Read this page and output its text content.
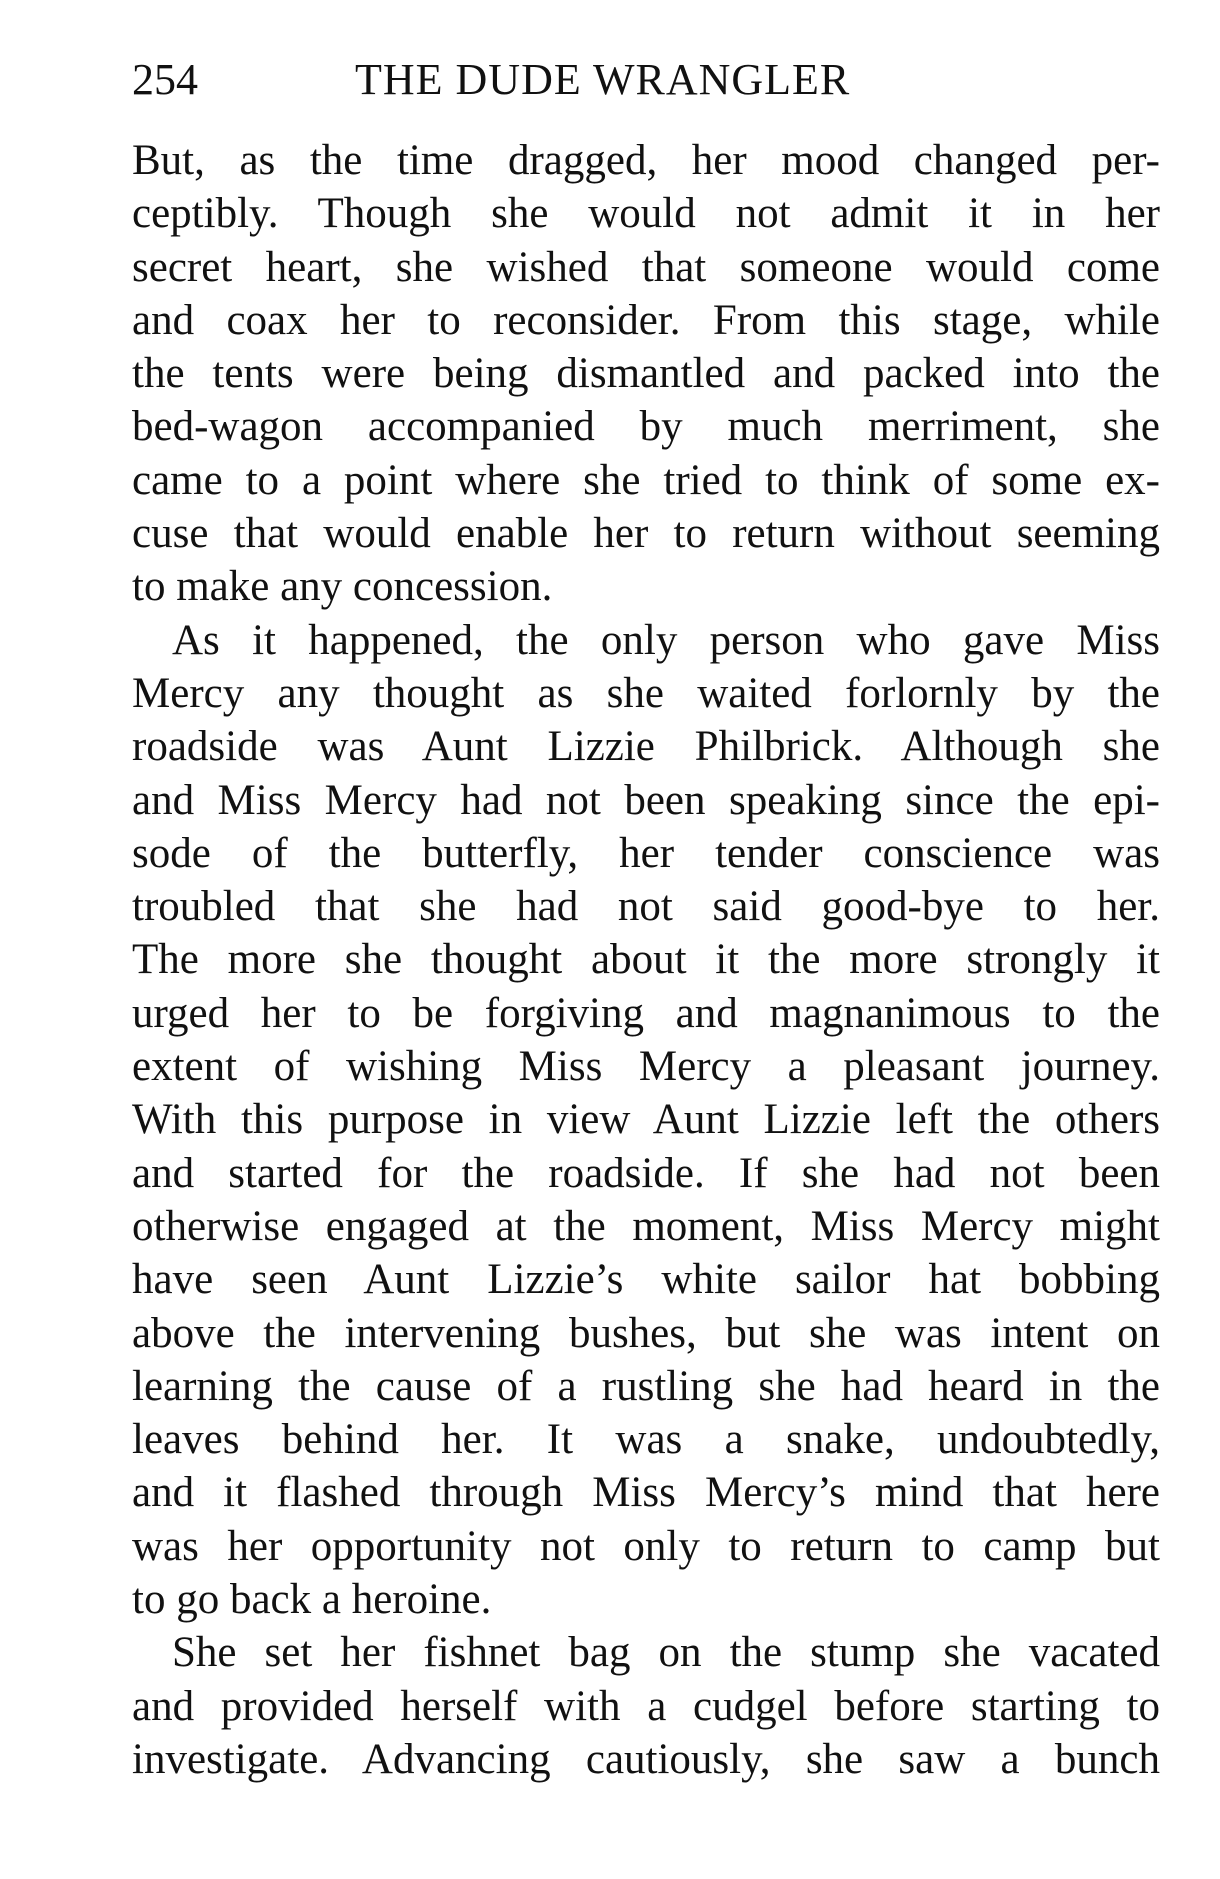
254	THE DUDE WRANGLER
But, as the time dragged, her mood changed per-
ceptibly. Though she would not admit it in her
secret heart, she wished that someone would come
and coax her to reconsider. From this stage, while
the tents were being dismantled and packed into the
bed-wagon accompanied by much merriment, she
came to a point where she tried to think of some ex-
cuse that would enable her to return without seeming
to make any concession.
As it happened, the only person who gave Miss
Mercy any thought as she waited forlornly by the
roadside was Aunt Lizzie Philbrick. Although she
and Miss Mercy had not been speaking since the epi-
sode of the butterfly, her tender conscience was
troubled that she had not said good-bye to her.
The more she thought about it the more strongly it
urged her to be forgiving and magnanimous to the
extent of wishing Miss Mercy a pleasant journey.
With this purpose in view Aunt Lizzie left the others
and started for the roadside. If she had not been
otherwise engaged at the moment, Miss Mercy might
have seen Aunt Lizzie’s white sailor hat bobbing
above the intervening bushes, but she was intent on
learning the cause of a rustling she had heard in the
leaves behind her. It was a snake, undoubtedly,
and it flashed through Miss Mercy’s mind that here
was her opportunity not only to return to camp but
to go back a heroine.
She set her fishnet bag on the stump she vacated
and provided herself with a cudgel before starting to
investigate. Advancing cautiously, she saw a bunch
